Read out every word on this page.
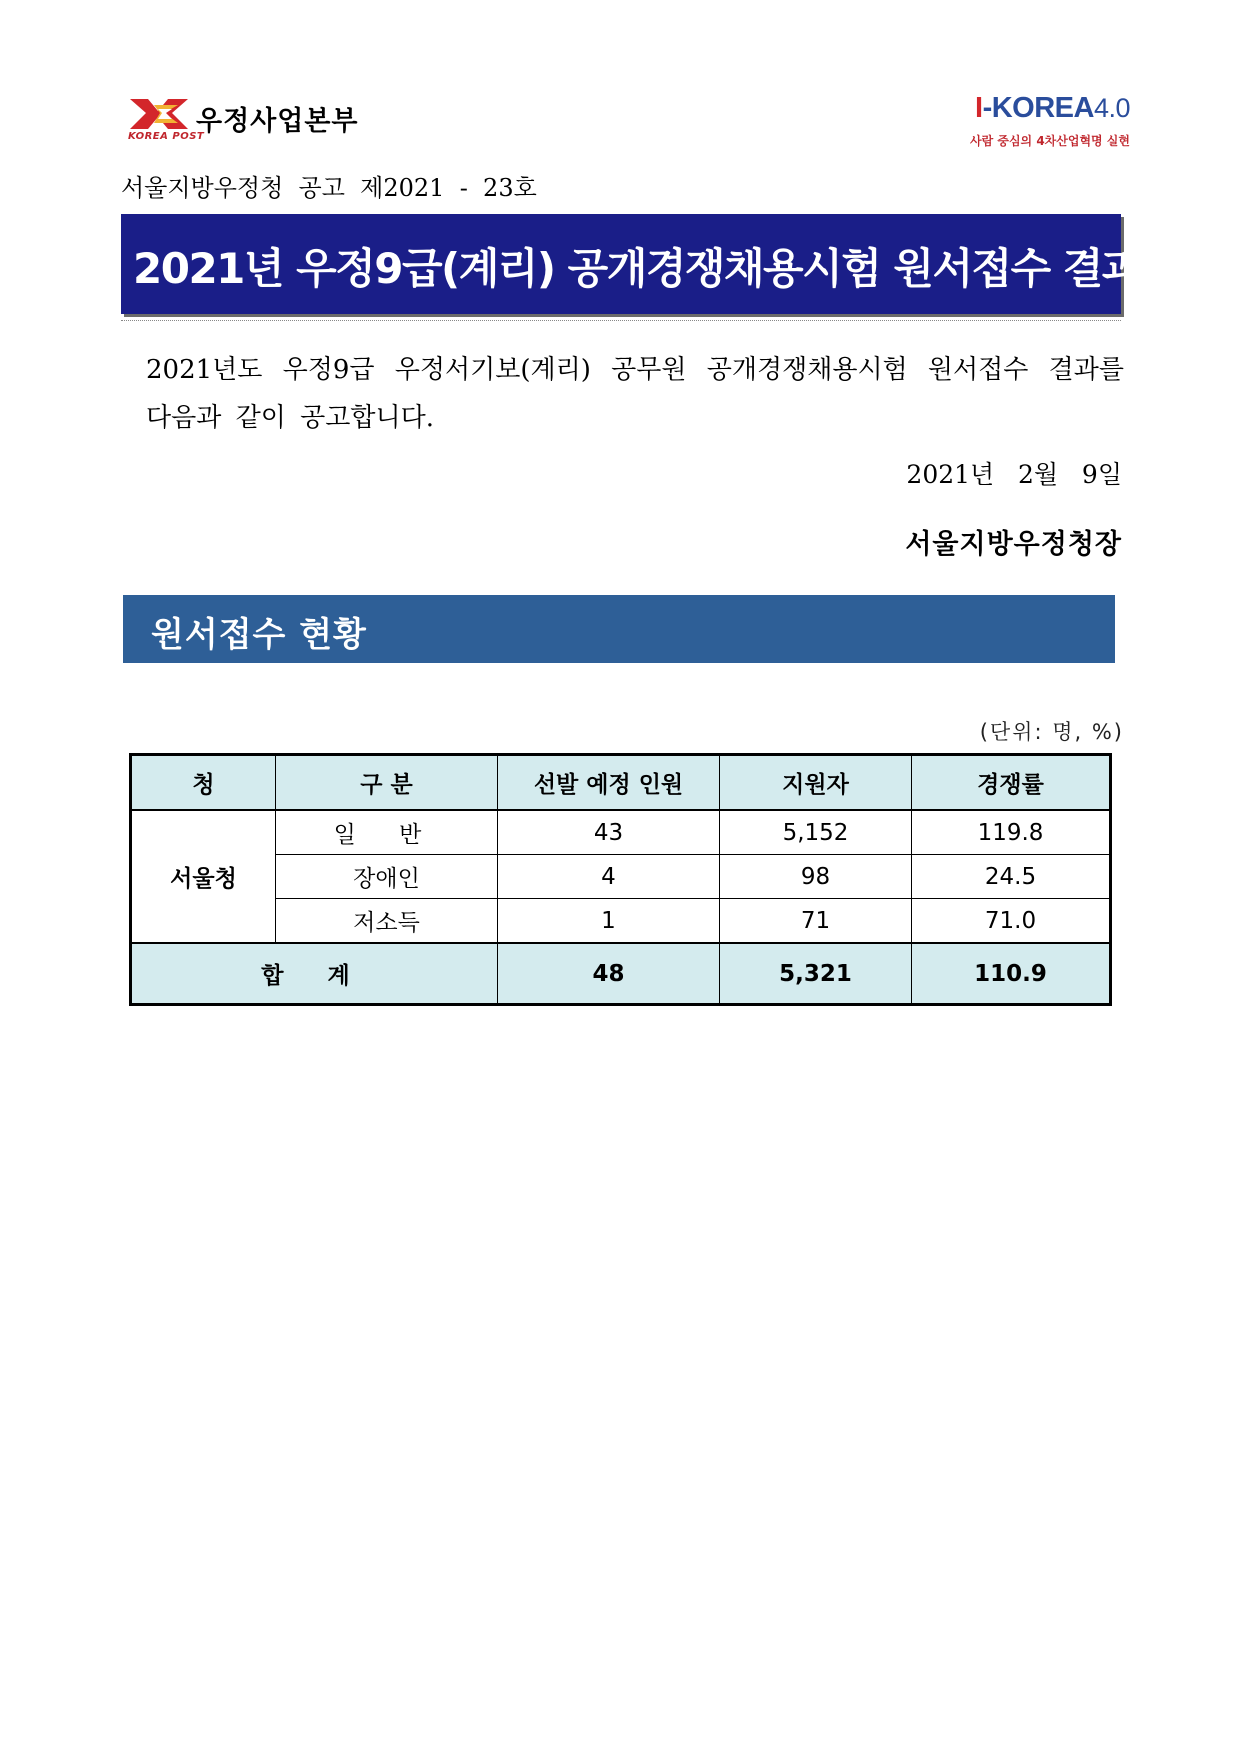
우정사업본부
KOREA POST
I-KOREA4.0
사람 중심의 4차산업혁명 실현
서울지방우정청  공고  제2021  -  23호
2021년 우정9급(계리) 공개경쟁채용시험 원서접수 결과
2021년도 우정9급 우정서기보(계리) 공무원 공개경쟁채용시험 원서접수 결과를 다음과 같이 공고합니다.
2021년   2월   9일
서울지방우정청장
원서접수 현황
(단위: 명, %)
청	구 분	선발 예정 인원	지원자	경쟁률
서울청	일 반	43	5,152	119.8
	장애인	4	98	24.5
	저소득	1	71	71.0
합 계		48	5,321	110.9
